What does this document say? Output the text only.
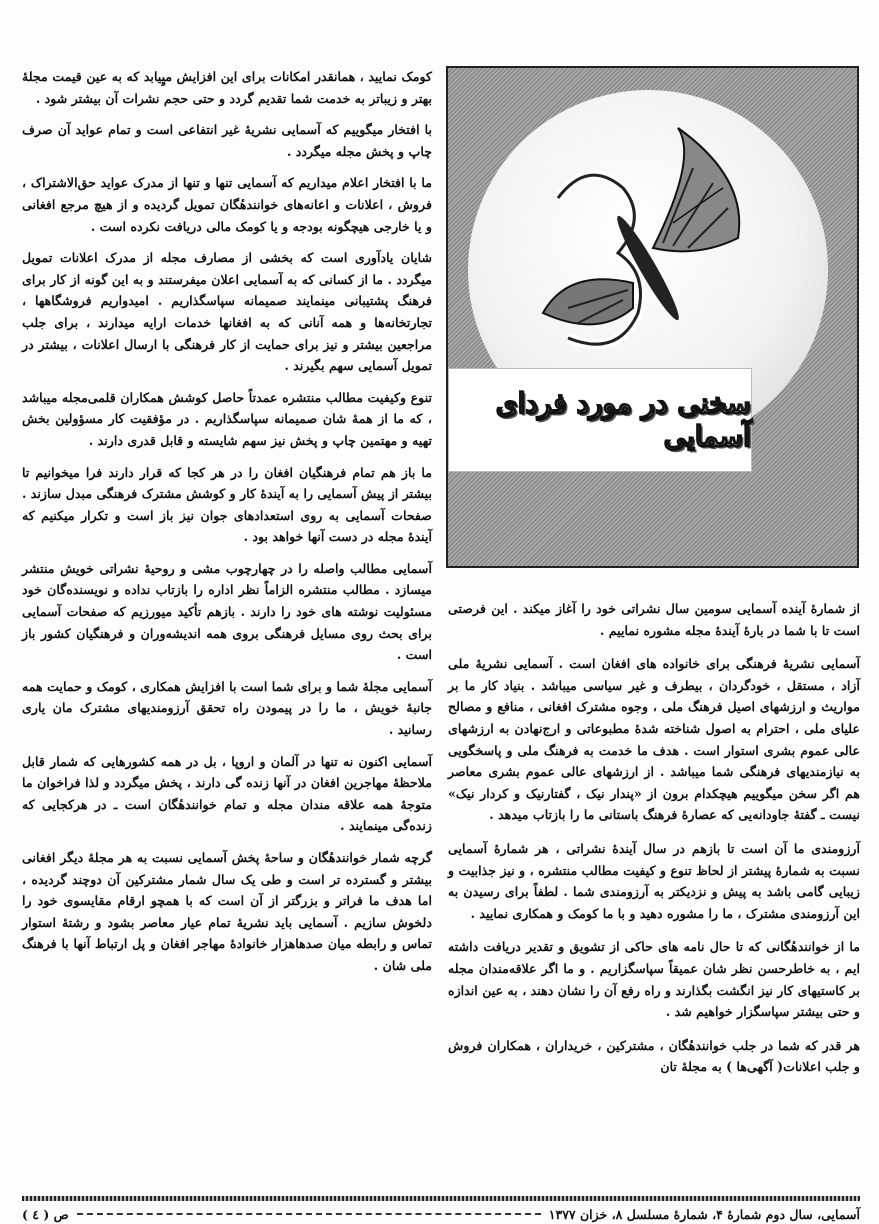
کومک نمایید ، همانقدر امکانات برای این افزایش میٍیابد که به عین قیمت مجلهٔ بهتر و زیباتر به خدمت شما تقدیم گردد و حتی حجم نشرات آن بیشتر شود .

با افتخار میگوییم که آسمایی نشریهٔ غیر انتفاعی است و تمام عواید آن صرف چاپ و پخش مجله میگردد .

ما با افتخار اعلام میداریم که آسمایی تنها و تنها از مدرک عواید حق‌الاشتراک ، فروش ، اعلانات و اعانه‌های خوانندهٔگان تمویل گردیده و از هیچ مرجع افغانی و یا خارجی هیچگونه بودجه و یا کومک مالی دریافت نکرده است .

شایان یادآوری است که بخشی از مصارف مجله از مدرک اعلانات تمویل میگردد . ما از کسانی که به آسمایی اعلان میفرستند و به این گونه از کار برای فرهنگ پشتیبانی مینمایند صمیمانه سپاسگذاریم . امیدواریم فروشگاهها ، تجارتخانه‌ها و همه آنانی که به افغانها خدمات ارایه میدارند ، برای جلب مراجعین بیشتر و نیز برای حمایت از کار فرهنگی با ارسال اعلانات ، بیشتر در تمویل آسمایی سهم بگیرند .

تنوع وکیفیت مطالب منتشره عمدتاً حاصل کوشش همکاران قلمی‌مجله میباشد ، که ما از همهٔ شان صمیمانه سپاسگذاریم . در مؤفقیت کار مسؤولین بخش تهیه و مهتمین چاپ و پخش نیز سهم شایسته و قابل قدری دارند .

ما باز هم تمام فرهنگیان افغان را در هر کجا که قرار دارند فرا میخوانیم تا بیشتر از پیش آسمایی را به آیندهٔ کار و کوشش مشترک فرهنگی مبدل سازند . صفحات آسمایی به روی استعدادهای جوان نیز باز است و تکرار میکنیم که آیندهٔ مجله در دست آنها خواهد بود .

آسمایی مطالب واصله را در چهارچوب مشی و روحیهٔ نشراتی خویش منتشر میسازد . مطالب منتشره الزاماً نظر اداره را بازتاب نداده و نویسنده‌گان خود مسئولیت نوشته های خود را دارند . بازهم تأکید میورزیم که صفحات آسمایی برای بحث روی مسایل فرهنگی بروی همه اندیشه‌وران و فرهنگیان کشور باز است .

آسمایی مجلهٔ شما و برای شما است با افزایش همکاری ، کومک و حمایت همه جانبهٔ خویش ، ما را در پیمودن راه تحقق آرزومندیهای مشترک مان یاری رسانید .

آسمایی اکنون نه تنها در آلمان و اروپا ، بل در همه کشورهایی که شمار قابل ملاحظهٔ مهاجرین افغان در آنها زنده گی دارند ، پخش میگردد و لذا فراخوان ما متوجهٔ همه علاقه مندان مجله و تمام خوانندهٔگان است ـ در هرکجایی که زنده‌گی مینمایند .

گرچه شمار خوانندهٔگان و ساحهٔ پخش آسمایی نسبت به هر مجلهٔ دیگر افغانی بیشتر و گسترده تر است و طی یک سال شمار مشترکین آن دوچند گردیده ، اما هدف ما فراتر و بزرگتر از آن است که با همچو ارقام مقایسوی خود را دلخوش سازیم . آسمایی باید نشریهٔ تمام عیار معاصر بشود و رشتهٔ استوار تماس و رابطه میان صدهاهزار خانوادهٔ مهاجر افغان و پل ارتباط آنها با فرهنگ ملی شان .

سخنی در مورد فردای آسمایی

از شمارهٔ آینده آسمایی سومین سال نشراتی خود را آغاز میکند . این فرصتی است تا با شما در بارهٔ آیندهٔ مجله مشوره نماییم .

آسمایی نشریهٔ فرهنگی برای خانواده های افغان است . آسمایی نشریهٔ ملی آزاد ، مستقل ، خودگردان ، بیطرف و غیر سیاسی میباشد . بنیاد کار ما بر مواریث و ارزشهای اصیل فرهنگ ملی ، وجوه مشترک افغانی ، منافع و مصالح علیای ملی ، احترام به اصول شناخته شدهٔ مطبوعاتی و ارج‌نهادن به ارزشهای عالی عموم بشری استوار است . هدف ما خدمت به فرهنگ ملی و پاسخگویی به نیازمندیهای فرهنگی شما میباشد . از ارزشهای عالی عموم بشری معاصر هم اگر سخن میگوییم هیچکدام برون از «پندار نیک ، گفتارنیک و کردار نیک» نیست ـ گفتهٔ جاودانه‌یی که عصارهٔ فرهنگ باستانی ما را بازتاب میدهد .

آرزومندی ما آن است تا بازهم در سال آیندهٔ نشراتی ، هر شمارهٔ آسمایی نسبت به شمارهٔ پیشتر از لحاظ تنوع و کیفیت مطالب منتشره ، و نیز جذابیت و زیبایی گامی باشد به پیش و نزدیکتر به آرزومندی شما . لطفاً برای رسیدن به این آرزومندی مشترک ، ما را مشوره دهید و با ما کومک و همکاری نمایید .

ما از خوانندهٔگانی که تا حال نامه های حاکی از تشویق و تقدیر دریافت داشته ایم ، به خاطرحسن نظر شان عمیقاً سپاسگزاریم . و ما اگر علاقه‌مندان مجله بر کاستیهای کار نیز انگشت بگذارند و راه رفع آن را نشان دهند ، به عین اندازه و حتی بیشتر سپاسگزار خواهیم شد .

هر قدر که شما در جلب خوانندهٔگان ، مشترکین ، خریداران ، همکاران فروش و جلب اعلانات( آگهی‌ها ) به مجلهٔ تان

آسمایی، سال دوم شمارهٔ ۴، شمارهٔ مسلسل ۸، خزان ۱۳۷۷
ص ( ٤ )
